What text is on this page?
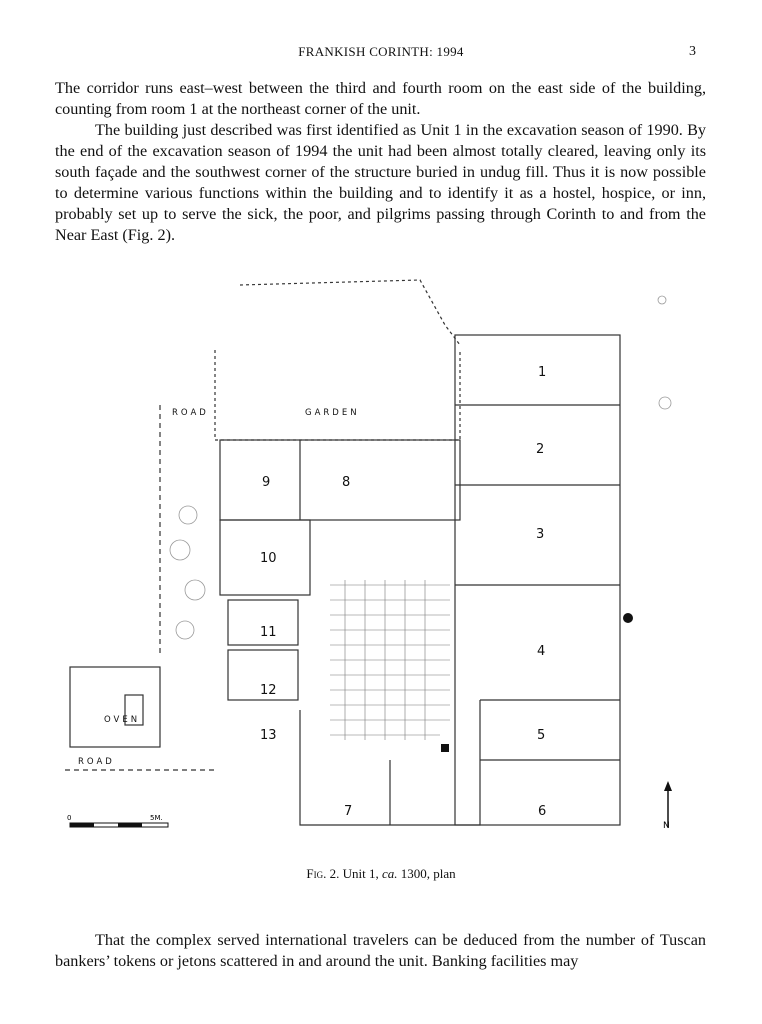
FRANKISH CORINTH: 1994	3

The corridor runs east–west between the third and fourth room on the east side of the building, counting from room 1 at the northeast corner of the unit.

The building just described was first identified as Unit 1 in the excavation season of 1990. By the end of the excavation season of 1994 the unit had been almost totally cleared, leaving only its south façade and the southwest corner of the structure buried in undug fill. Thus it is now possible to determine various functions within the building and to identify it as a hostel, hospice, or inn, probably set up to serve the sick, the poor, and pilgrims passing through Corinth to and from the Near East (Fig. 2).

1
2
3
4
5
6
7
8
9
10
11
12
13
ROAD	GARDEN
OVEN
ROAD
0	5M.
N
Fig. 2. Unit 1, ca. 1300, plan

That the complex served international travelers can be deduced from the number of Tuscan bankers’ tokens or jetons scattered in and around the unit. Banking facilities may
